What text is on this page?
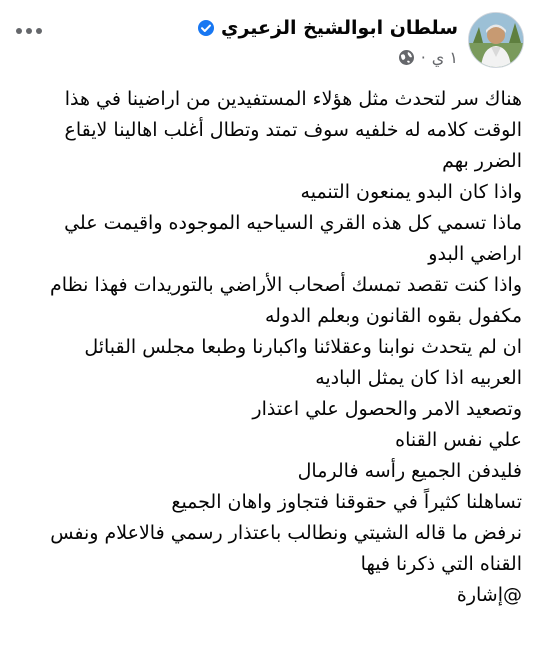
سلطان ابوالشيخ الزعيري
١ ي
·
هناك سر لتحدث مثل هؤلاء المستفيدين من اراضينا في هذا
الوقت كلامه له خلفيه سوف تمتد وتطال أغلب اهالينا لايقاع
الضرر بهم
واذا كان البدو يمنعون التنميه
ماذا تسمي كل هذه القري السياحيه الموجوده واقيمت علي
اراضي البدو
واذا كنت تقصد تمسك أصحاب الأراضي بالتوريدات فهذا نظام
مكفول بقوه القانون وبعلم الدوله
ان لم يتحدث نوابنا وعقلائنا واكبارنا وطبعا مجلس القبائل
العربيه اذا كان يمثل الباديه
وتصعيد الامر والحصول علي اعتذار
علي نفس القناه
فليدفن الجميع رأسه فالرمال
تساهلنا كثيراً في حقوقنا فتجاوز واهان الجميع
نرفض ما قاله الشيتي ونطالب باعتذار رسمي فالاعلام ونفس
القناه التي ذكرنا فيها
@إشارة
